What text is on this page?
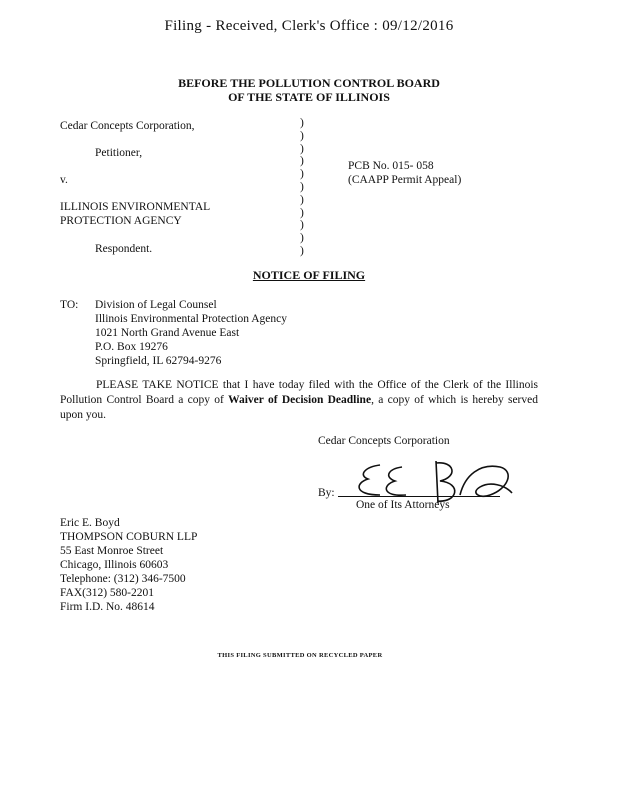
Filing - Received, Clerk's Office : 09/12/2016
BEFORE THE POLLUTION CONTROL BOARD
OF THE STATE OF ILLINOIS
Cedar Concepts Corporation,
Petitioner,
v.
ILLINOIS ENVIRONMENTAL
PROTECTION AGENCY
Respondent.
)
)
)
)
)
)
)
)
)
)
)
PCB No. 015- 058
(CAAPP Permit Appeal)
NOTICE OF FILING
TO: Division of Legal Counsel
Illinois Environmental Protection Agency
1021 North Grand Avenue East
P.O. Box 19276
Springfield, IL 62794-9276
PLEASE TAKE NOTICE that I have today filed with the Office of the Clerk of the Illinois Pollution Control Board a copy of Waiver of Decision Deadline, a copy of which is hereby served upon you.
Cedar Concepts Corporation
By:
One of Its Attorneys
Eric E. Boyd
THOMPSON COBURN LLP
55 East Monroe Street
Chicago, Illinois 60603
Telephone: (312) 346-7500
FAX(312) 580-2201
Firm I.D. No. 48614
THIS FILING SUBMITTED ON RECYCLED PAPER
